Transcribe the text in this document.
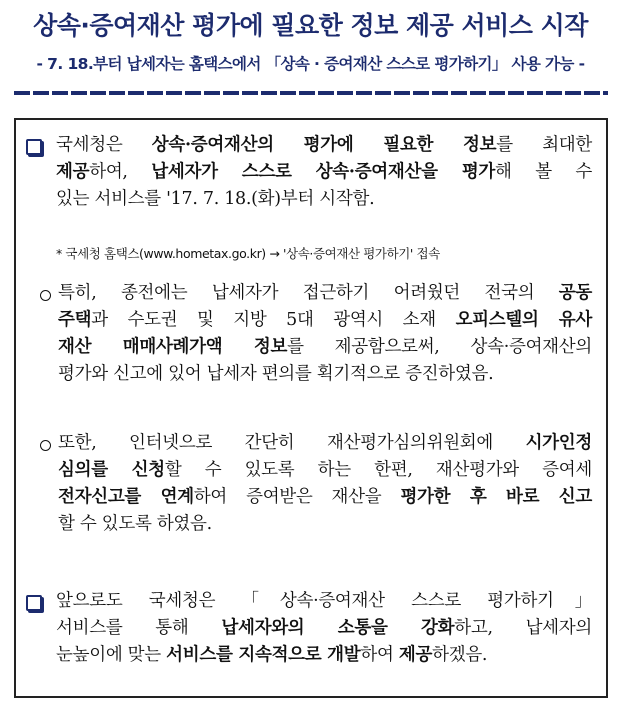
상속·증여재산 평가에 필요한 정보 제공 서비스 시작
- 7. 18.부터 납세자는 홈택스에서 「상속 · 증여재산 스스로 평가하기」 사용 가능 -
국세청은 상속·증여재산의 평가에 필요한 정보를 최대한
제공하여, 납세자가 스스로 상속·증여재산을 평가해 볼 수
있는 서비스를 '17. 7. 18.(화)부터 시작함.
* 국세청 홈택스(www.hometax.go.kr) → '상속·증여재산 평가하기' 접속
특히, 종전에는 납세자가 접근하기 어려웠던 전국의 공동
주택과 수도권 및 지방 5대 광역시 소재 오피스텔의 유사
재산 매매사례가액 정보를 제공함으로써, 상속·증여재산의
평가와 신고에 있어 납세자 편의를 획기적으로 증진하였음.
또한, 인터넷으로 간단히 재산평가심의위원회에 시가인정
심의를 신청할 수 있도록 하는 한편, 재산평가와 증여세
전자신고를 연계하여 증여받은 재산을 평가한 후 바로 신고
할 수 있도록 하였음.
앞으로도 국세청은 「상속·증여재산 스스로 평가하기」
서비스를 통해 납세자와의 소통을 강화하고, 납세자의
눈높이에 맞는 서비스를 지속적으로 개발하여 제공하겠음.
